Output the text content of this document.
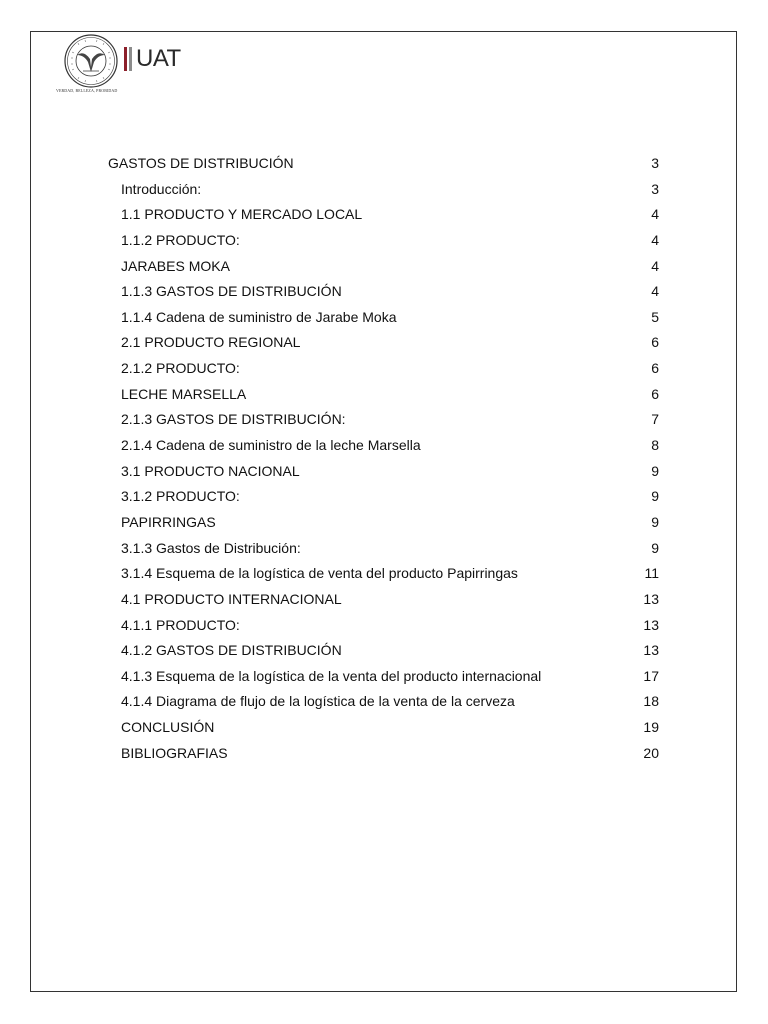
VERDAD, BELLEZA, PROBIDAD
UAT
GASTOS DE DISTRIBUCIÓN	3
Introducción:	3
1.1 PRODUCTO Y MERCADO LOCAL	4
1.1.2 PRODUCTO:	4
JARABES MOKA	4
1.1.3 GASTOS DE DISTRIBUCIÓN	4
1.1.4 Cadena de suministro de Jarabe Moka	5
2.1 PRODUCTO REGIONAL	6
2.1.2 PRODUCTO:	6
LECHE MARSELLA	6
2.1.3 GASTOS DE DISTRIBUCIÓN:	7
2.1.4 Cadena de suministro de la leche Marsella	8
3.1 PRODUCTO NACIONAL	9
3.1.2 PRODUCTO:	9
PAPIRRINGAS	9
3.1.3 Gastos de Distribución:	9
3.1.4 Esquema de la logística de venta del producto Papirringas	11
4.1 PRODUCTO INTERNACIONAL	13
4.1.1 PRODUCTO:	13
4.1.2 GASTOS DE DISTRIBUCIÓN	13
4.1.3 Esquema de la logística de la venta del producto internacional	17
4.1.4 Diagrama de flujo de la logística de la venta de la cerveza	18
CONCLUSIÓN	19
BIBLIOGRAFIAS	20
